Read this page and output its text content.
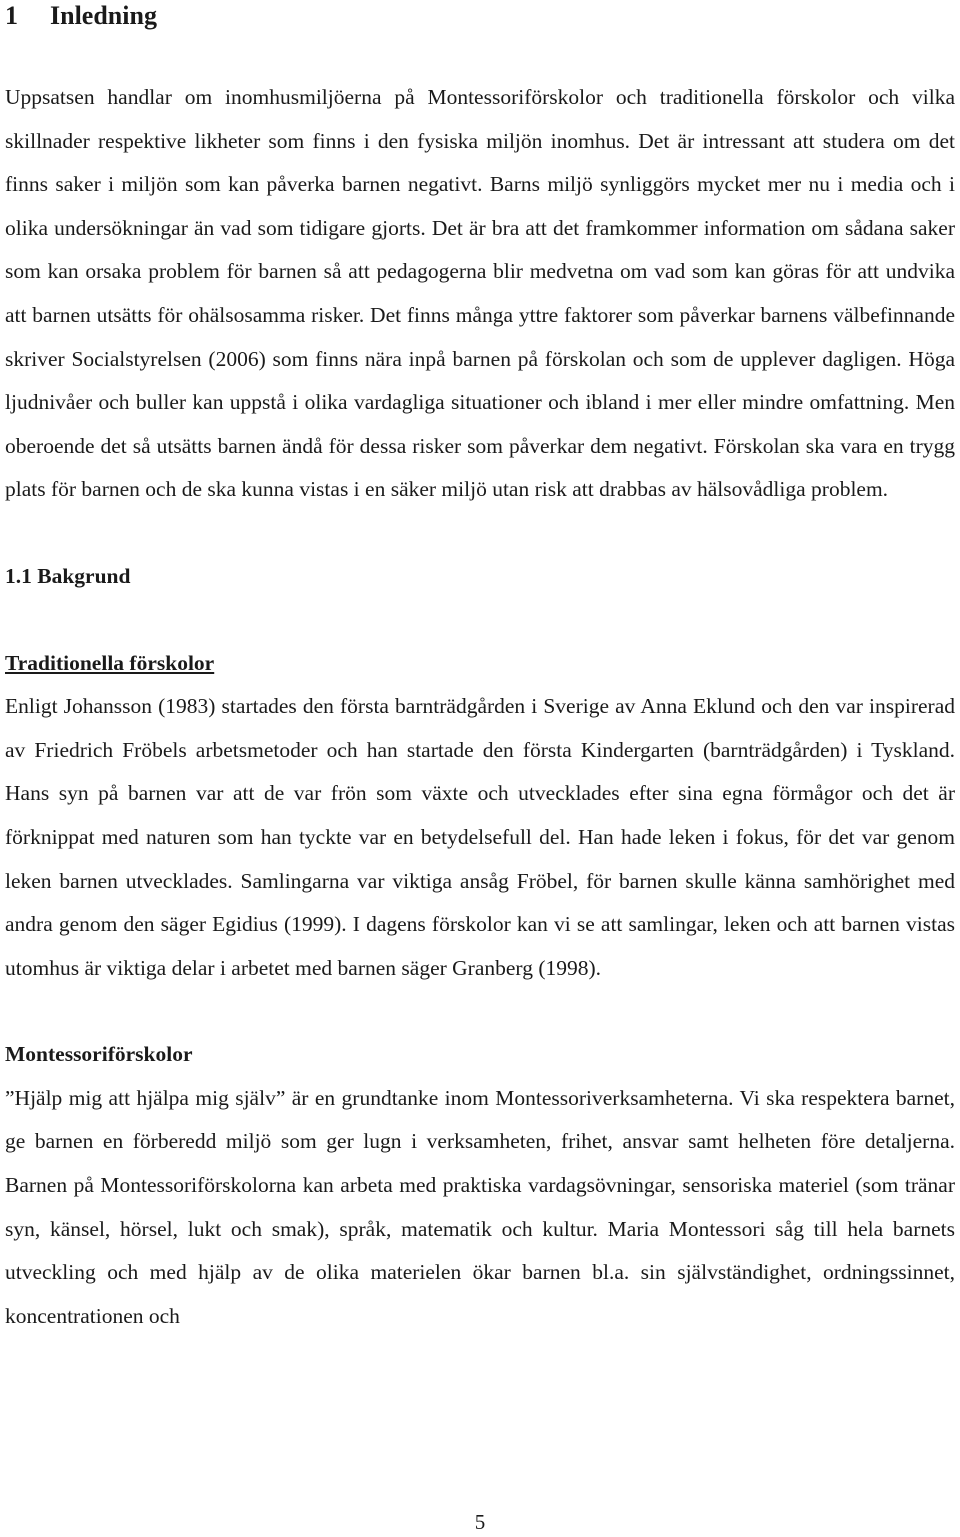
1 Inledning

Uppsatsen handlar om inomhusmiljöerna på Montessoriförskolor och traditionella förskolor och vilka skillnader respektive likheter som finns i den fysiska miljön inomhus. Det är intressant att studera om det finns saker i miljön som kan påverka barnen negativt. Barns miljö synliggörs mycket mer nu i media och i olika undersökningar än vad som tidigare gjorts. Det är bra att det framkommer information om sådana saker som kan orsaka problem för barnen så att pedagogerna blir medvetna om vad som kan göras för att undvika att barnen utsätts för ohälsosamma risker. Det finns många yttre faktorer som påverkar barnens välbefinnande skriver Socialstyrelsen (2006) som finns nära inpå barnen på förskolan och som de upplever dagligen. Höga ljudnivåer och buller kan uppstå i olika vardagliga situationer och ibland i mer eller mindre omfattning. Men oberoende det så utsätts barnen ändå för dessa risker som påverkar dem negativt. Förskolan ska vara en trygg plats för barnen och de ska kunna vistas i en säker miljö utan risk att drabbas av hälsovådliga problem.

1.1 Bakgrund
Traditionella förskolor

Enligt Johansson (1983) startades den första barnträdgården i Sverige av Anna Eklund och den var inspirerad av Friedrich Fröbels arbetsmetoder och han startade den första Kindergarten (barnträdgården) i Tyskland. Hans syn på barnen var att de var frön som växte och utvecklades efter sina egna förmågor och det är förknippat med naturen som han tyckte var en betydelsefull del. Han hade leken i fokus, för det var genom leken barnen utvecklades. Samlingarna var viktiga ansåg Fröbel, för barnen skulle känna samhörighet med andra genom den säger Egidius (1999). I dagens förskolor kan vi se att samlingar, leken och att barnen vistas utomhus är viktiga delar i arbetet med barnen säger Granberg (1998).

Montessoriförskolor

”Hjälp mig att hjälpa mig själv” är en grundtanke inom Montessoriverksamheterna. Vi ska respektera barnet, ge barnen en förberedd miljö som ger lugn i verksamheten, frihet, ansvar samt helheten före detaljerna. Barnen på Montessoriförskolorna kan arbeta med praktiska vardagsövningar, sensoriska materiel (som tränar syn, känsel, hörsel, lukt och smak), språk, matematik och kultur. Maria Montessori såg till hela barnets utveckling och med hjälp av de olika materielen ökar barnen bl.a. sin självständighet, ordningssinnet, koncentrationen och

5
